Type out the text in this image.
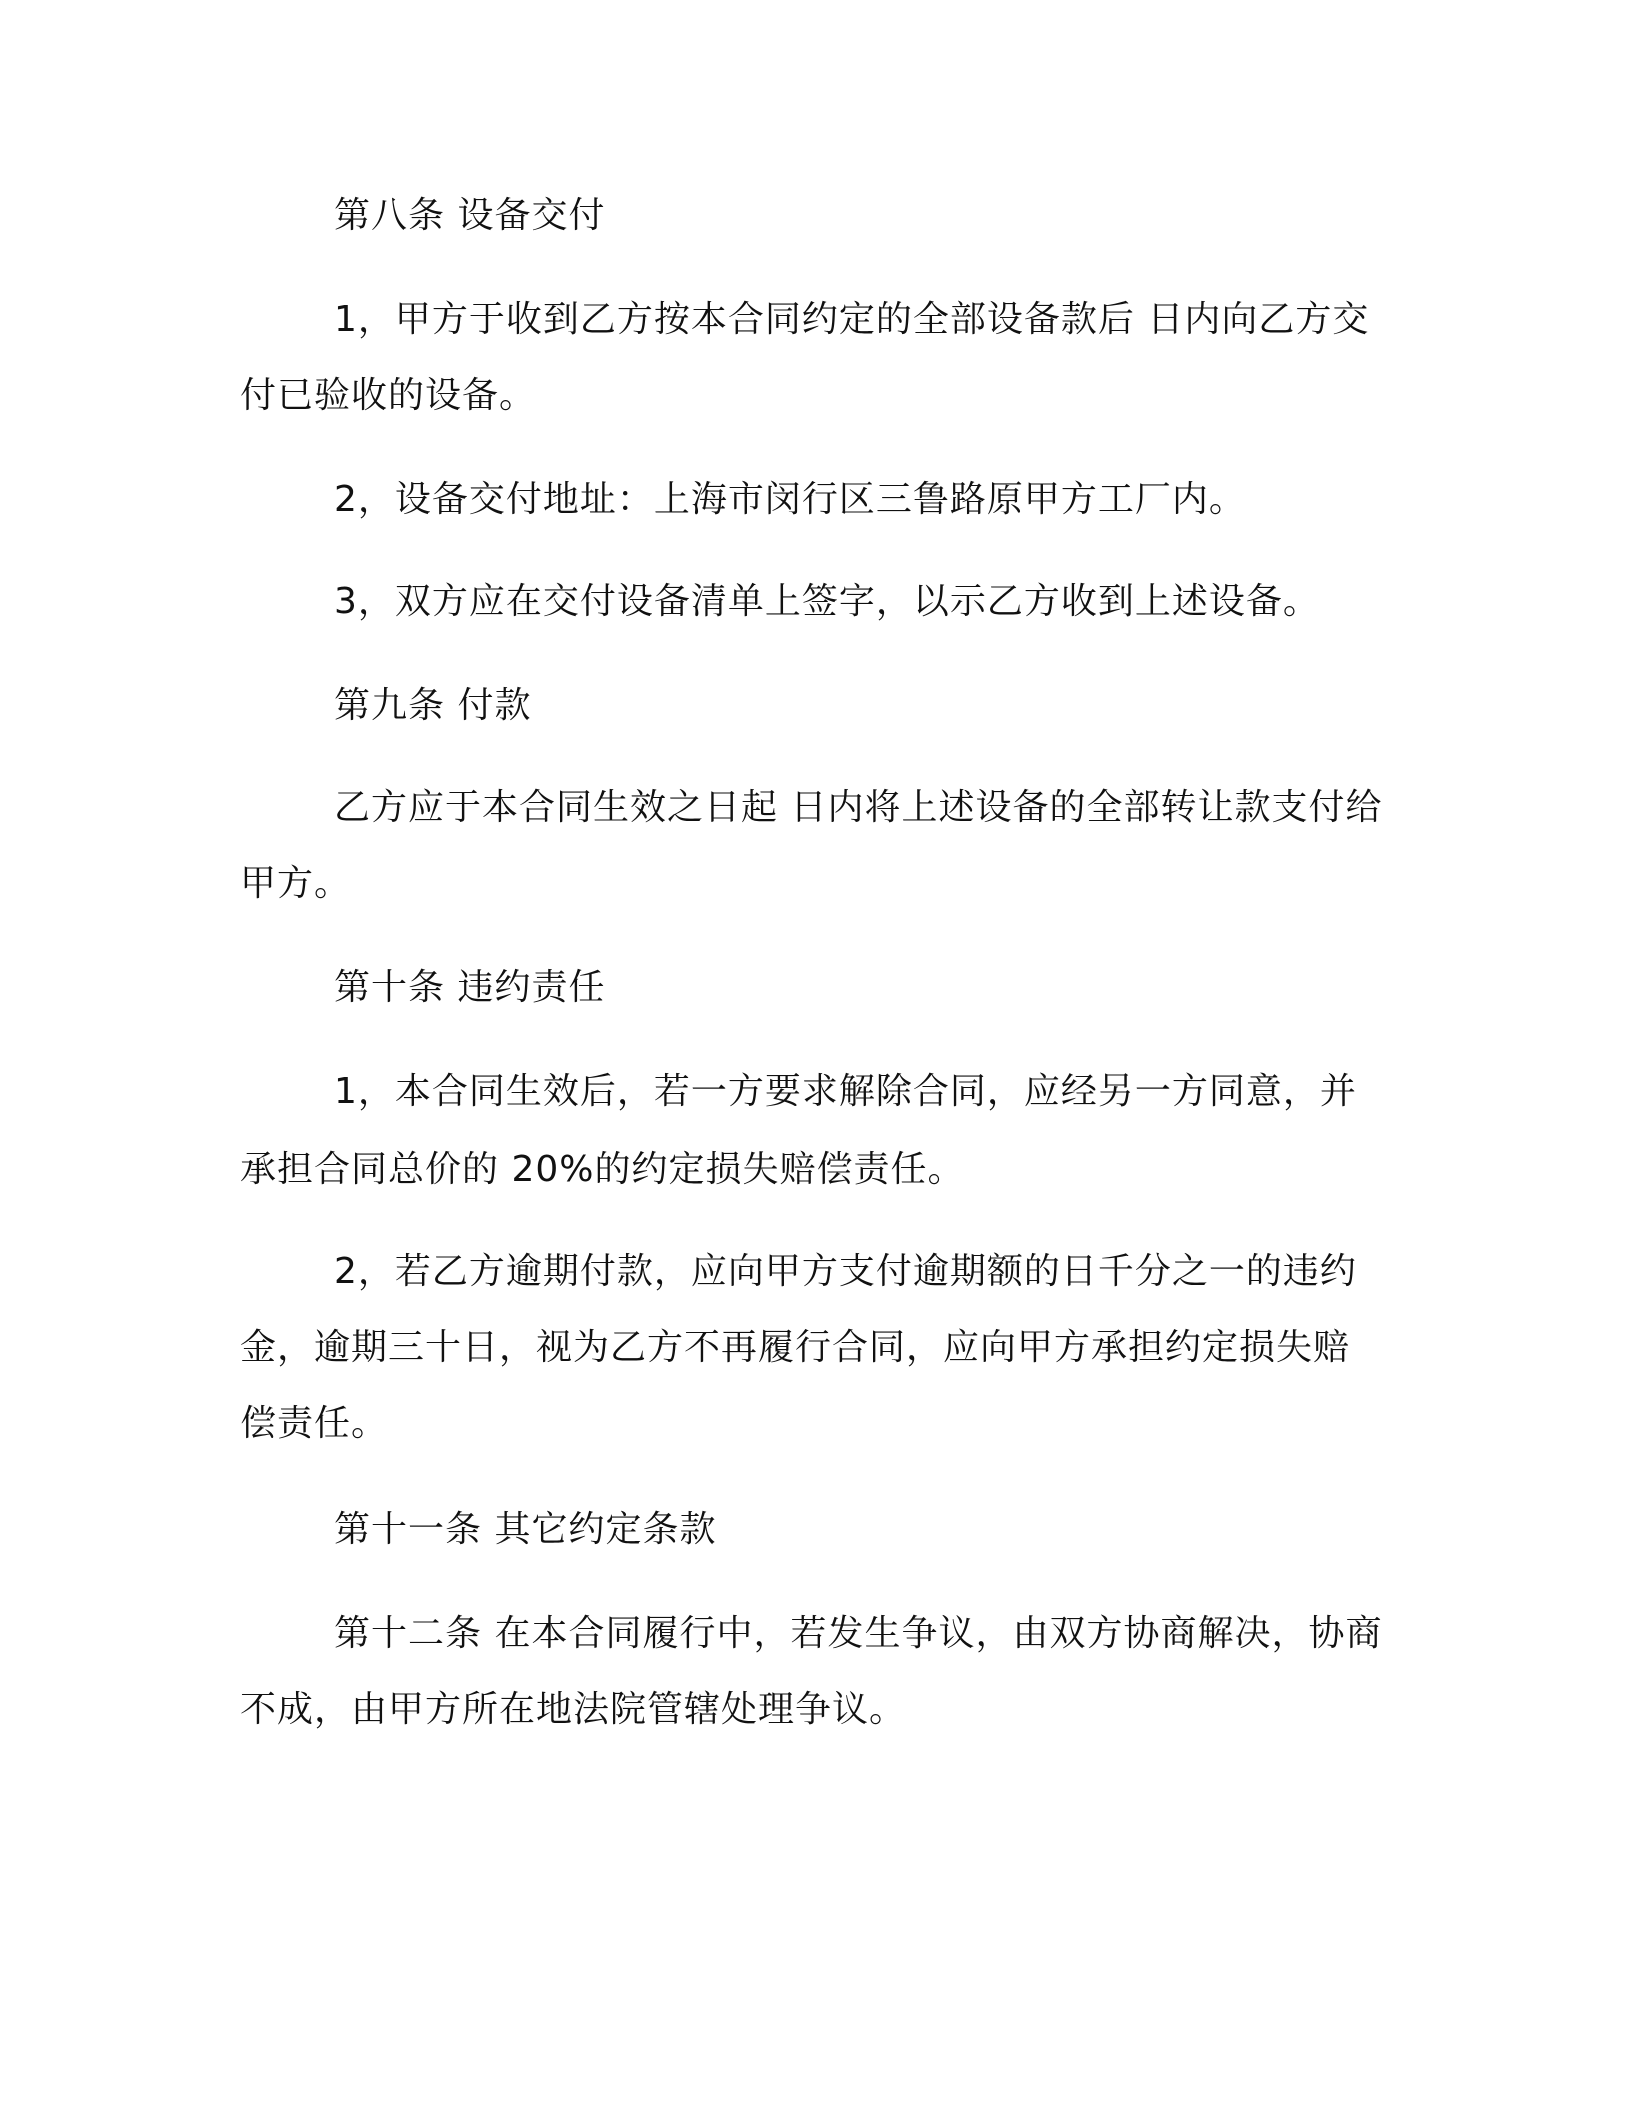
第八条 设备交付
1，甲方于收到乙方按本合同约定的全部设备款后 日内向乙方交
付已验收的设备。
2，设备交付地址：上海市闵行区三鲁路原甲方工厂内。
3，双方应在交付设备清单上签字，以示乙方收到上述设备。
第九条 付款
乙方应于本合同生效之日起 日内将上述设备的全部转让款支付给
甲方。
第十条 违约责任
1，本合同生效后，若一方要求解除合同，应经另一方同意，并
承担合同总价的 20%的约定损失赔偿责任。
2，若乙方逾期付款，应向甲方支付逾期额的日千分之一的违约
金，逾期三十日，视为乙方不再履行合同，应向甲方承担约定损失赔
偿责任。
第十一条 其它约定条款
第十二条 在本合同履行中，若发生争议，由双方协商解决，协商
不成，由甲方所在地法院管辖处理争议。
